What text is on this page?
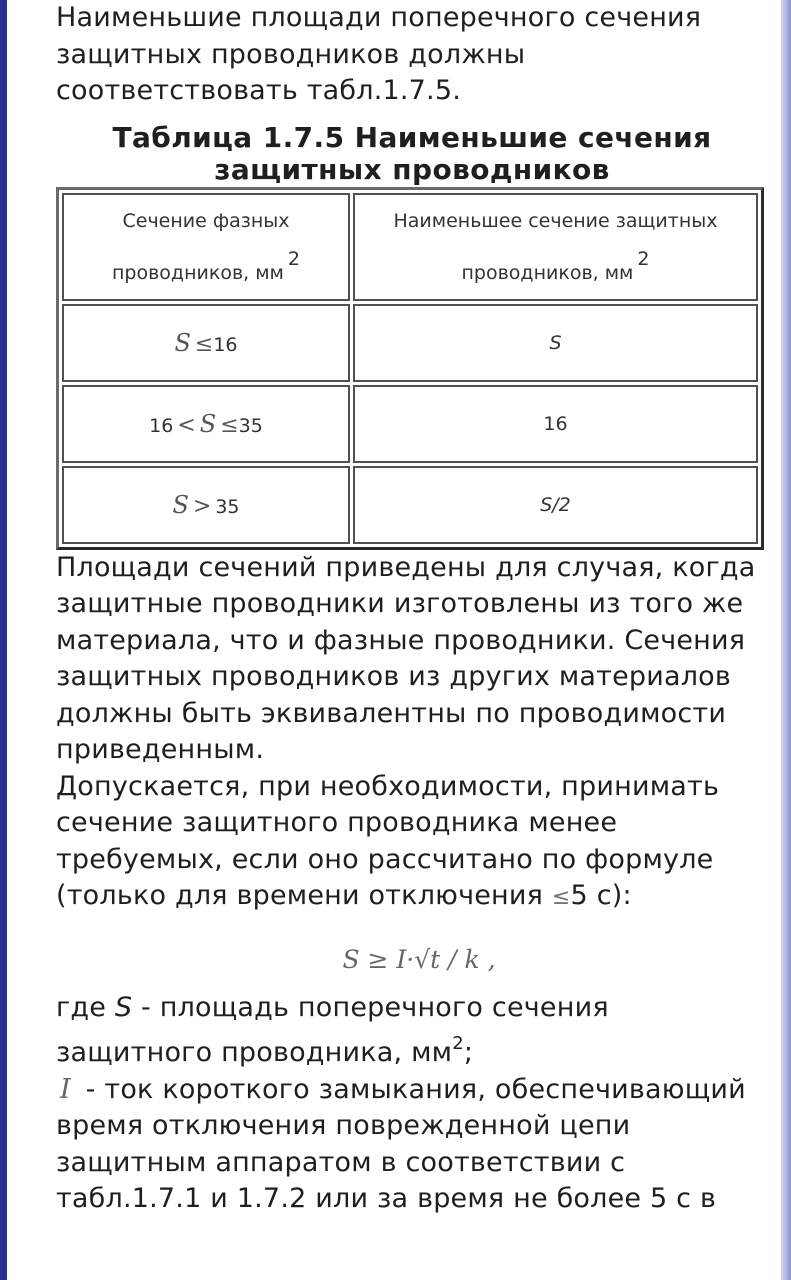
Наименьшие площади поперечного сечения защитных проводников должны соответствовать табл.1.7.5.

Таблица 1.7.5 Наименьшие сечения защитных проводников
Сечение фазных проводников, $мм^2$	Наименьшее сечение защитных проводников, $мм^2$

S ≤16	S
16 < S ≤35	16
S > 35	S/2

Площади сечений приведены для случая, когда защитные проводники изготовлены из того же материала, что и фазные проводники. Сечения защитных проводников из других материалов должны быть эквивалентны по проводимости приведенным.

Допускается, при необходимости, принимать сечение защитного проводника менее требуемых, если оно рассчитано по формуле (только для времени отключения ≤5 с):

S ≥ I·√t / k ,

где S - площадь поперечного сечения защитного проводника, $мм^2$;

I - ток короткого замыкания, обеспечивающий время отключения поврежденной цепи защитным аппаратом в соответствии с табл.1.7.1 и 1.7.2 или за время не более 5 с в
